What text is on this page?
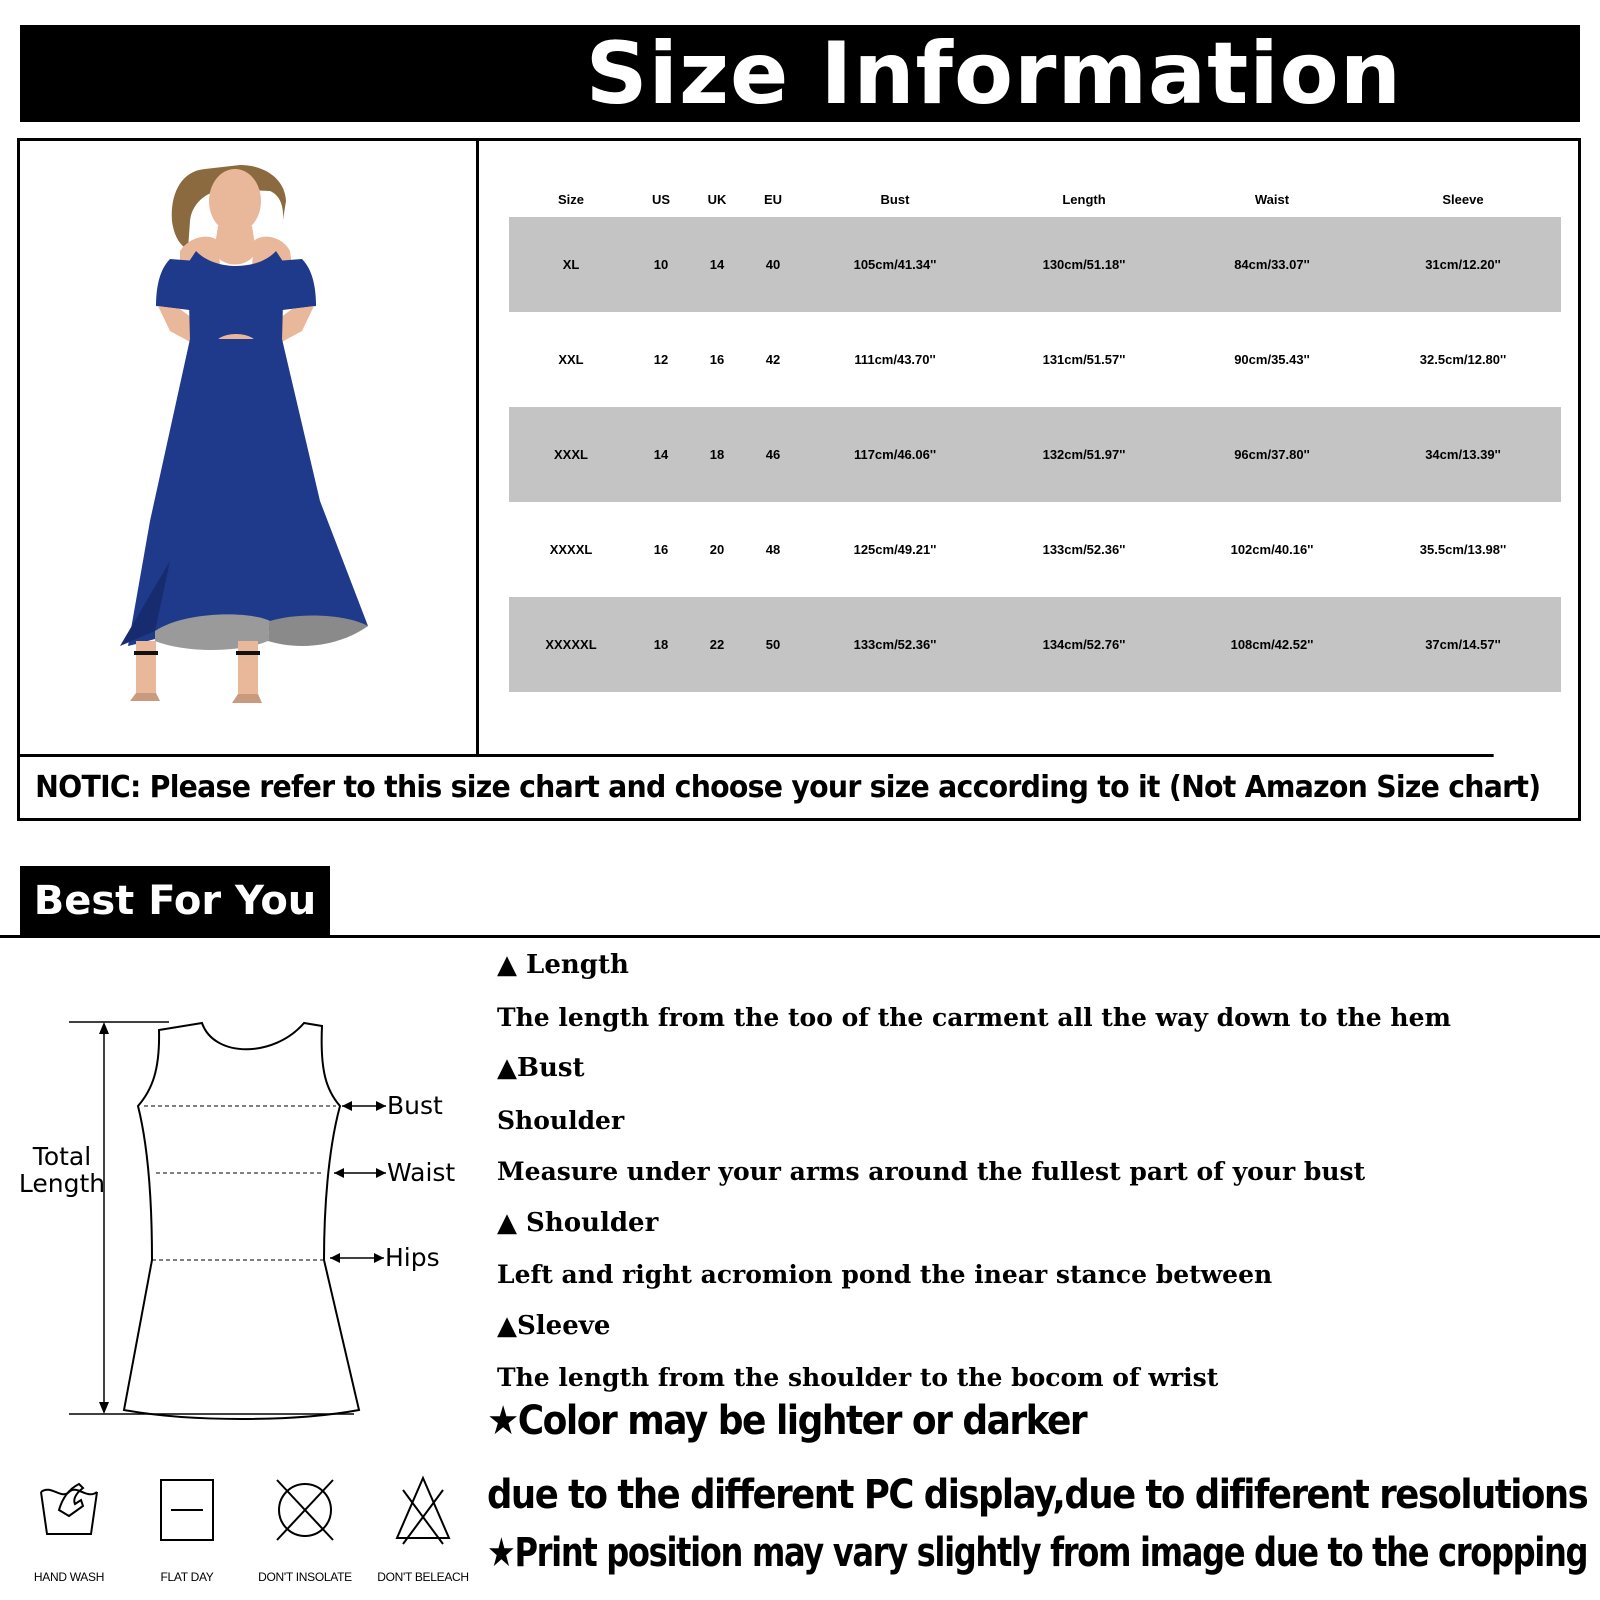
Size Information
Size	US	UK	EU	Bust	Length	Waist	Sleeve
XL	10	14	40	105cm/41.34''	130cm/51.18''	84cm/33.07''	31cm/12.20''
XXL	12	16	42	111cm/43.70''	131cm/51.57''	90cm/35.43''	32.5cm/12.80''
XXXL	14	18	46	117cm/46.06''	132cm/51.97''	96cm/37.80''	34cm/13.39''
XXXXL	16	20	48	125cm/49.21''	133cm/52.36''	102cm/40.16''	35.5cm/13.98''
XXXXXL	18	22	50	133cm/52.36''	134cm/52.76''	108cm/42.52''	37cm/14.57''
NOTIC: Please refer to this size chart and choose your size according to it (Not Amazon Size chart)
Best For You
Total
Length
Bust
Waist
Hips
▲ Length
The length from the too of the carment all the way down to the hem
▲Bust
Shoulder
Measure under your arms around the fullest part of your bust
▲ Shoulder
Left and right acromion pond the inear stance between
▲Sleeve
The length from the shoulder to the bocom of wrist
★Color may be lighter or darker
due to the different PC display,due to dififerent resolutions
★Print position may vary slightly from image due to the cropping
HAND WASH	FLAT DAY	DON'T INSOLATE	DON'T BELEACH
